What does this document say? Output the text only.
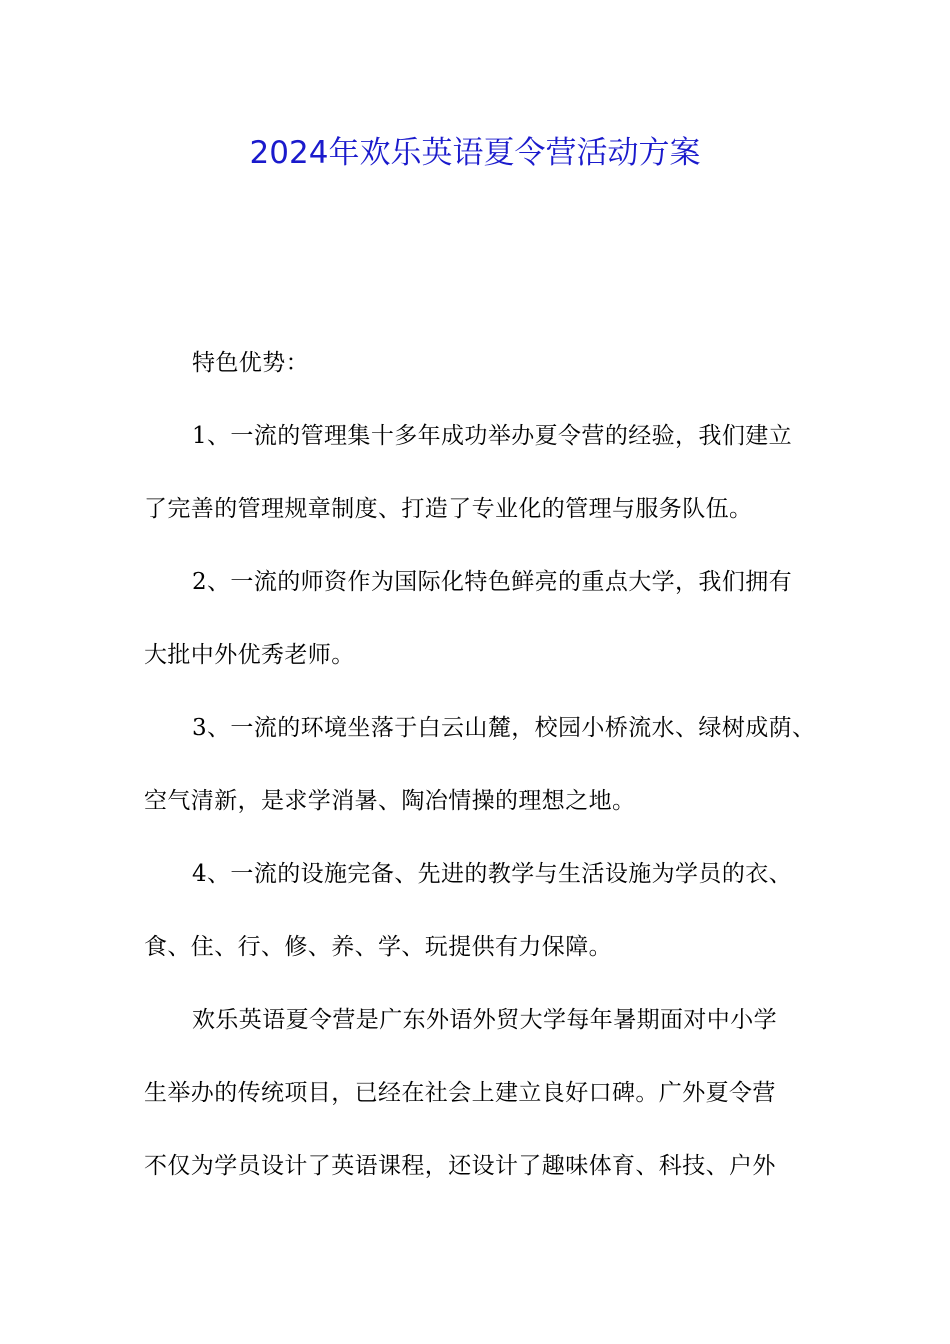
2024年欢乐英语夏令营活动方案
特色优势：
1、一流的管理集十多年成功举办夏令营的经验，我们建立
了完善的管理规章制度、打造了专业化的管理与服务队伍。
2、一流的师资作为国际化特色鲜亮的重点大学，我们拥有
大批中外优秀老师。
3、一流的环境坐落于白云山麓，校园小桥流水、绿树成荫、
空气清新，是求学消暑、陶冶情操的理想之地。
4、一流的设施完备、先进的教学与生活设施为学员的衣、
食、住、行、修、养、学、玩提供有力保障。
欢乐英语夏令营是广东外语外贸大学每年暑期面对中小学
生举办的传统项目，已经在社会上建立良好口碑。广外夏令营
不仅为学员设计了英语课程，还设计了趣味体育、科技、户外
